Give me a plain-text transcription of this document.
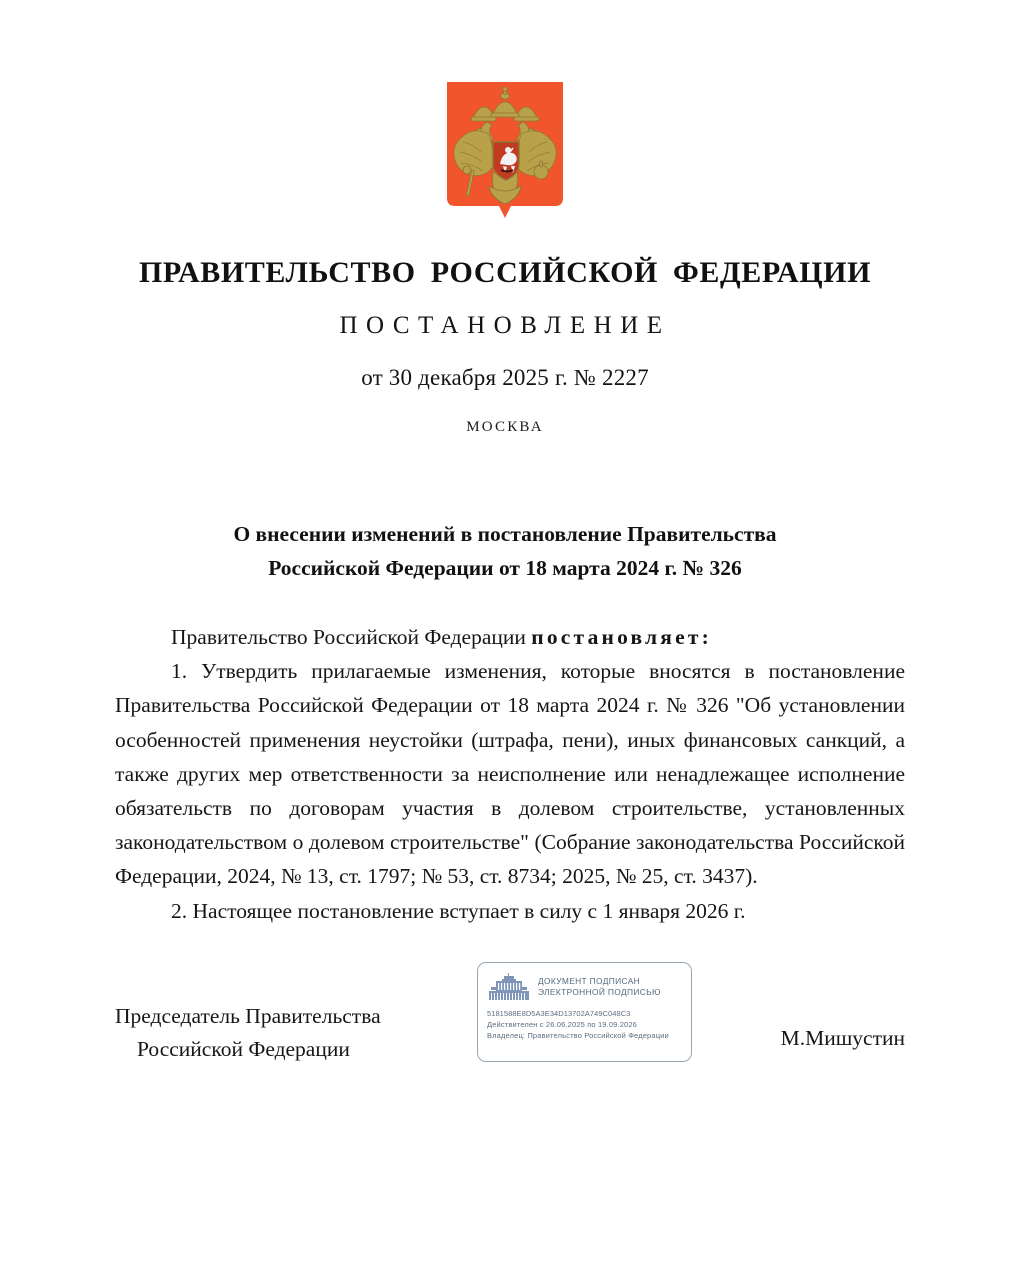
ПРАВИТЕЛЬСТВО РОССИЙСКОЙ ФЕДЕРАЦИИ
ПОСТАНОВЛЕНИЕ
от 30 декабря 2025 г. № 2227
МОСКВА
О внесении изменений в постановление Правительства
Российской Федерации от 18 марта 2024 г. № 326

Правительство Российской Федерации постановляет:

1. Утвердить прилагаемые изменения, которые вносятся в постановление Правительства Российской Федерации от 18 марта 2024 г. № 326 "Об установлении особенностей применения неустойки (штрафа, пени), иных финансовых санкций, а также других мер ответственности за неисполнение или ненадлежащее исполнение обязательств по договорам участия в долевом строительстве, установленных законодательством о долевом строительстве" (Собрание законодательства Российской Федерации, 2024, № 13, ст. 1797; № 53, ст. 8734; 2025, № 25, ст. 3437).

2. Настоящее постановление вступает в силу с 1 января 2026 г.

ДОКУМЕНТ ПОДПИСАН
ЭЛЕКТРОННОЙ ПОДПИСЬЮ
5181588E8D5A3E34D13702A749C048C3
Действителен с 26.06.2025 по 19.09.2026
Владелец: Правительство Российской Федерации
Председатель Правительства
Российской Федерации	М.Мишустин
